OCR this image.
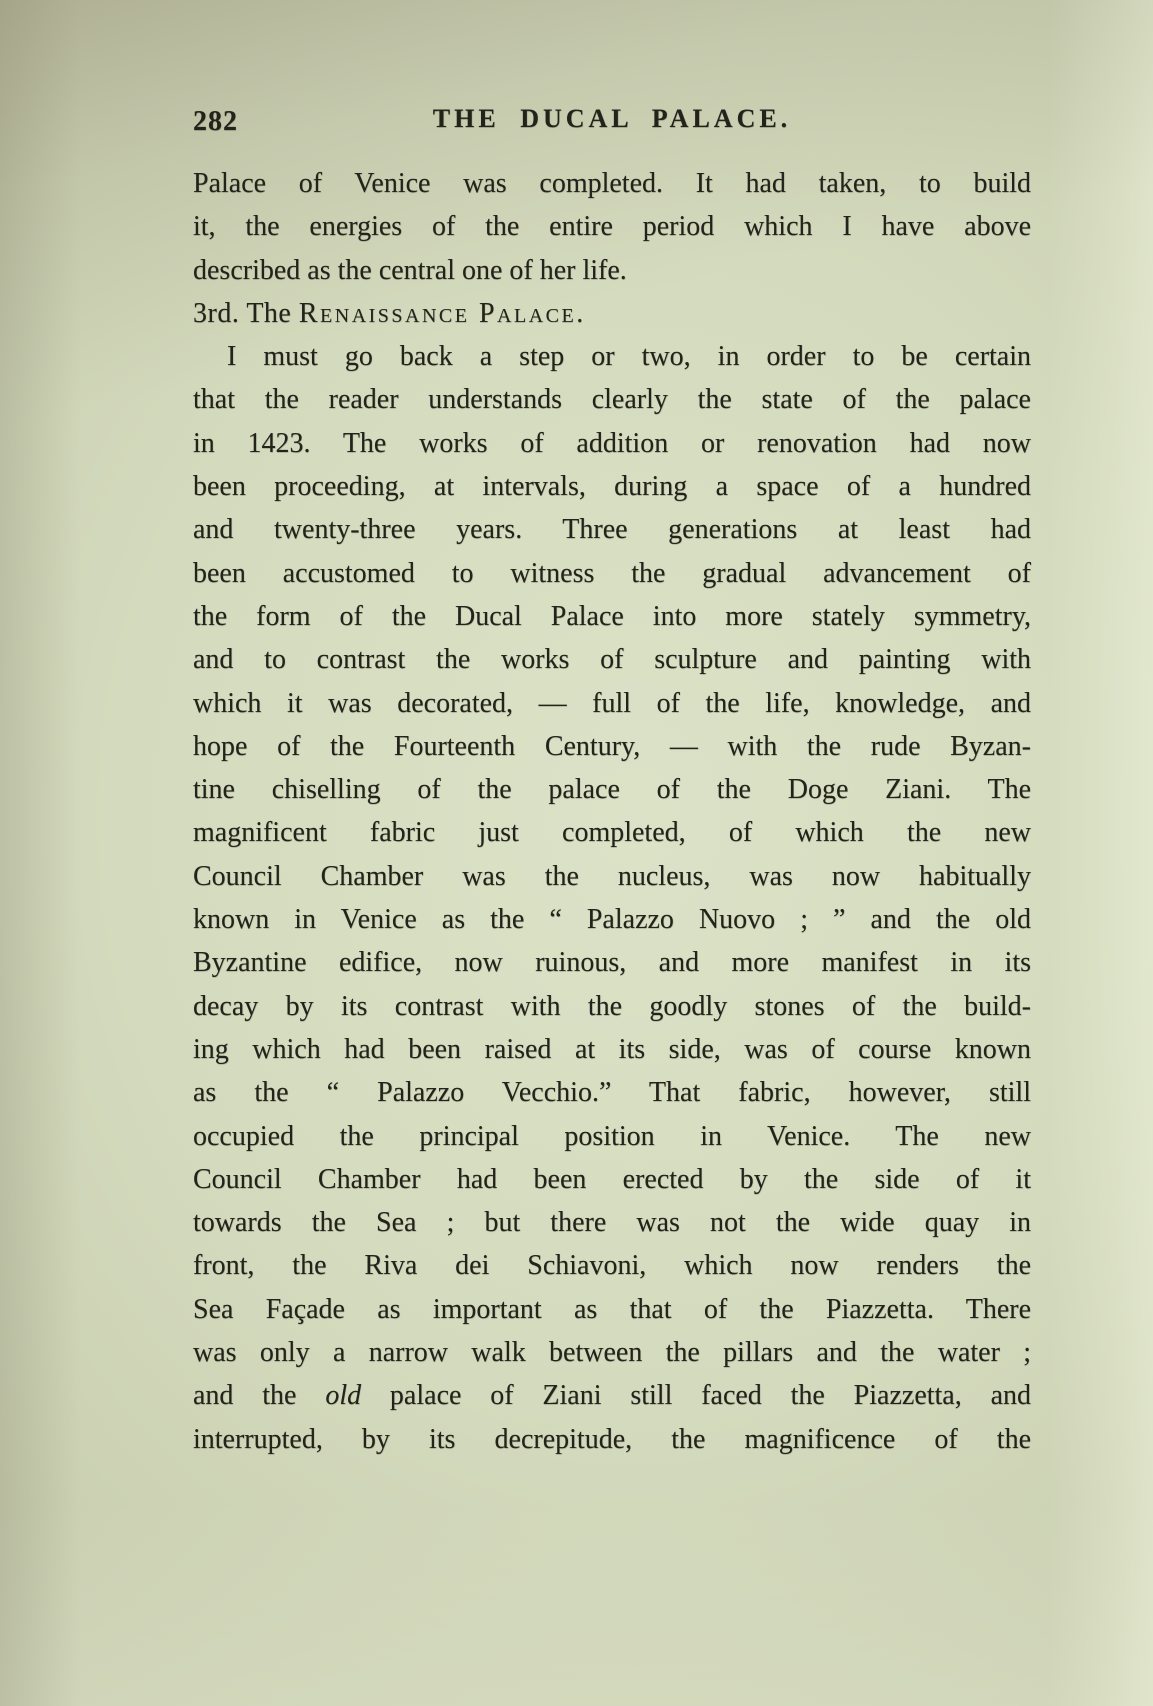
282	THE DUCAL PALACE.
Palace of Venice was completed. It had taken, to build
it, the energies of the entire period which I have above
described as the central one of her life.
3rd. The Renaissance Palace.
I must go back a step or two, in order to be certain
that the reader understands clearly the state of the palace
in 1423. The works of addition or renovation had now
been proceeding, at intervals, during a space of a hundred
and twenty-three years. Three generations at least had
been accustomed to witness the gradual advancement of
the form of the Ducal Palace into more stately symmetry,
and to contrast the works of sculpture and painting with
which it was decorated, — full of the life, knowledge, and
hope of the Fourteenth Century, — with the rude Byzan-
tine chiselling of the palace of the Doge Ziani. The
magnificent fabric just completed, of which the new
Council Chamber was the nucleus, was now habitually
known in Venice as the “ Palazzo Nuovo ; ” and the old
Byzantine edifice, now ruinous, and more manifest in its
decay by its contrast with the goodly stones of the build-
ing which had been raised at its side, was of course known
as the “ Palazzo Vecchio.” That fabric, however, still
occupied the principal position in Venice. The new
Council Chamber had been erected by the side of it
towards the Sea ; but there was not the wide quay in
front, the Riva dei Schiavoni, which now renders the
Sea Façade as important as that of the Piazzetta. There
was only a narrow walk between the pillars and the water ;
and the old palace of Ziani still faced the Piazzetta, and
interrupted, by its decrepitude, the magnificence of the
